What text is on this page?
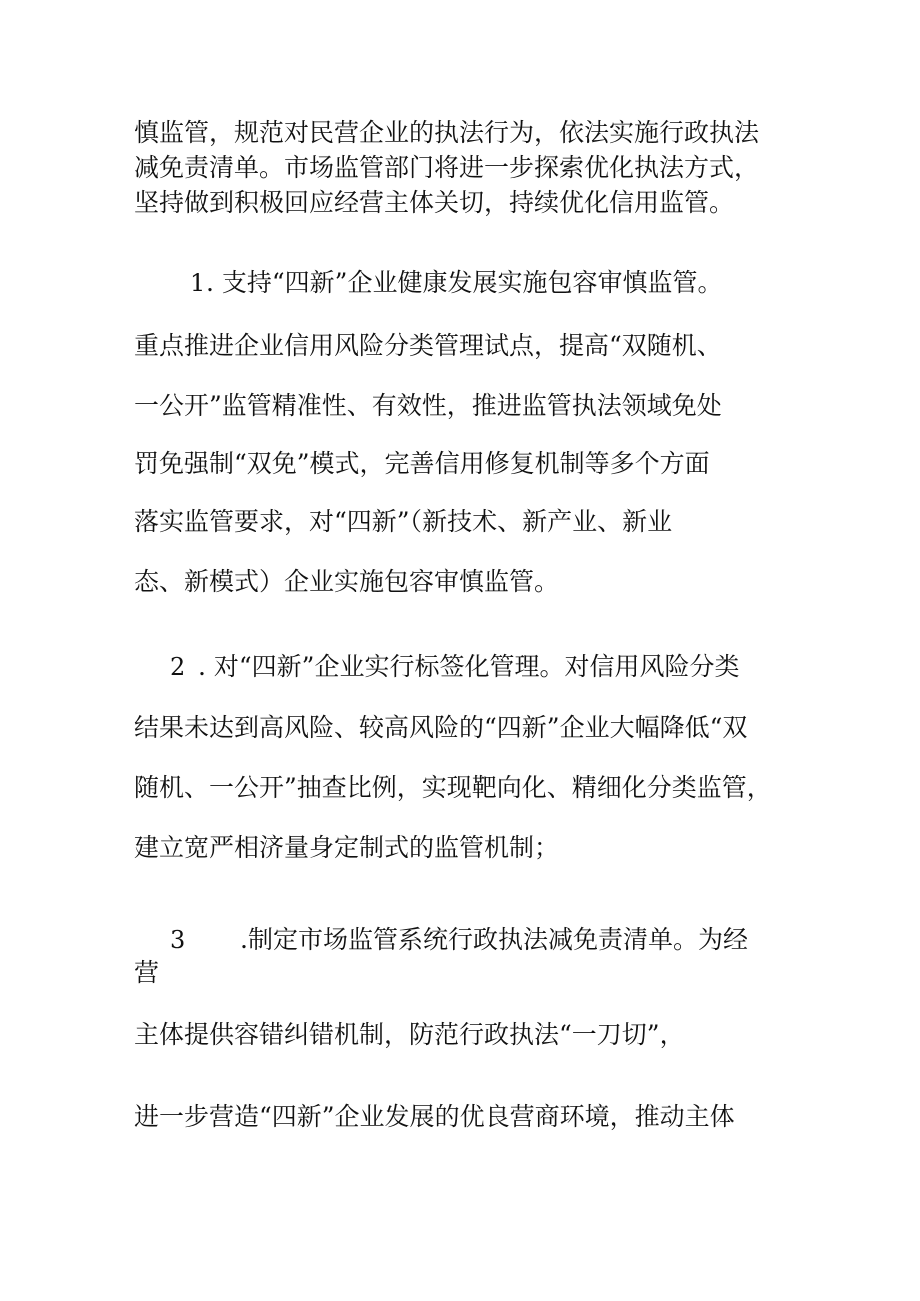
慎监管，规范对民营企业的执法行为，依法实施行政执法
减免责清单。市场监管部门将进一步探索优化执法方式，
坚持做到积极回应经营主体关切，持续优化信用监管。
1 . 支持“四新”企业健康发展实施包容审慎监管。
重点推进企业信用风险分类管理试点，提高“双随机、
一公开”监管精准性、有效性，推进监管执法领域免处
罚免强制“双免”模式，完善信用修复机制等多个方面
落实监管要求，对“四新”（新技术、新产业、新业
态、新模式）企业实施包容审慎监管。
2 . 对“四新”企业实行标签化管理。对信用风险分类
结果未达到高风险、较高风险的“四新”企业大幅降低“双
随机、一公开”抽查比例，实现靶向化、精细化分类监管，
建立宽严相济量身定制式的监管机制；
3 .制定市场监管系统行政执法减免责清单。为经
营
主体提供容错纠错机制，防范行政执法“一刀切”，
进一步营造“四新”企业发展的优良营商环境，推动主体
